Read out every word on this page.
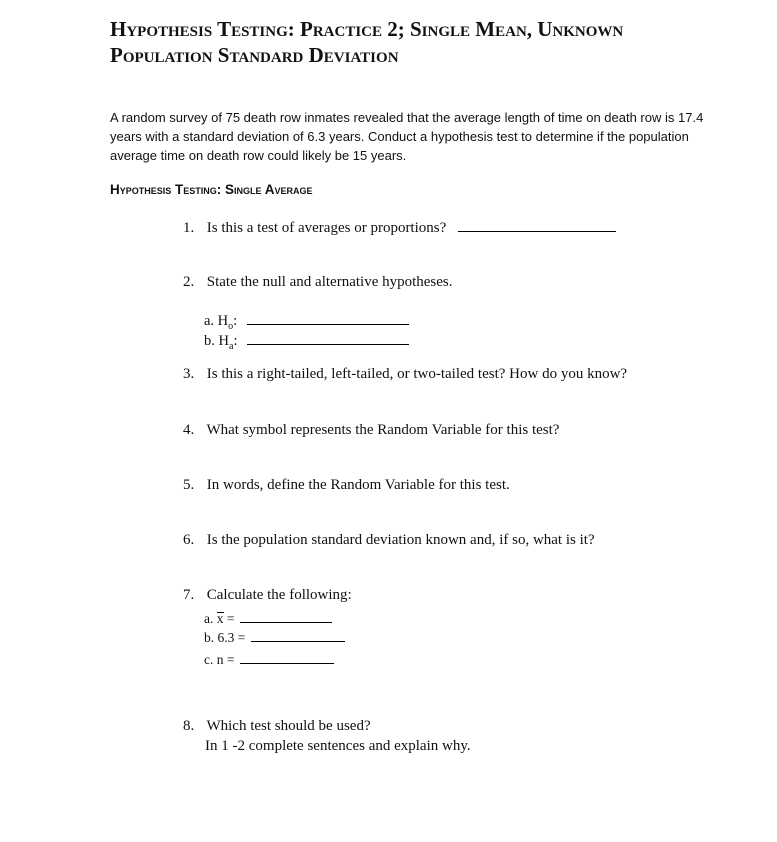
Hypothesis Testing: Practice 2; Single Mean, Unknown
Population Standard Deviation
A random survey of 75 death row inmates revealed that the average length of time on death row is 17.4 years with a standard deviation of 6.3 years. Conduct a hypothesis test to determine if the population average time on death row could likely be 15 years.
Hypothesis Testing: Single Average
1. Is this a test of averages or proportions?
2. State the null and alternative hypotheses.
a. $H_o$:
b. $H_a$:
3. Is this a right-tailed, left-tailed, or two-tailed test? How do you know?
4. What symbol represents the Random Variable for this test?
5. In words, define the Random Variable for this test.
6. Is the population standard deviation known and, if so, what is it?
7. Calculate the following:
a. x =
b. 6.3 =
c. n =
8. Which test should be used?
In 1 -2 complete sentences and explain why.
